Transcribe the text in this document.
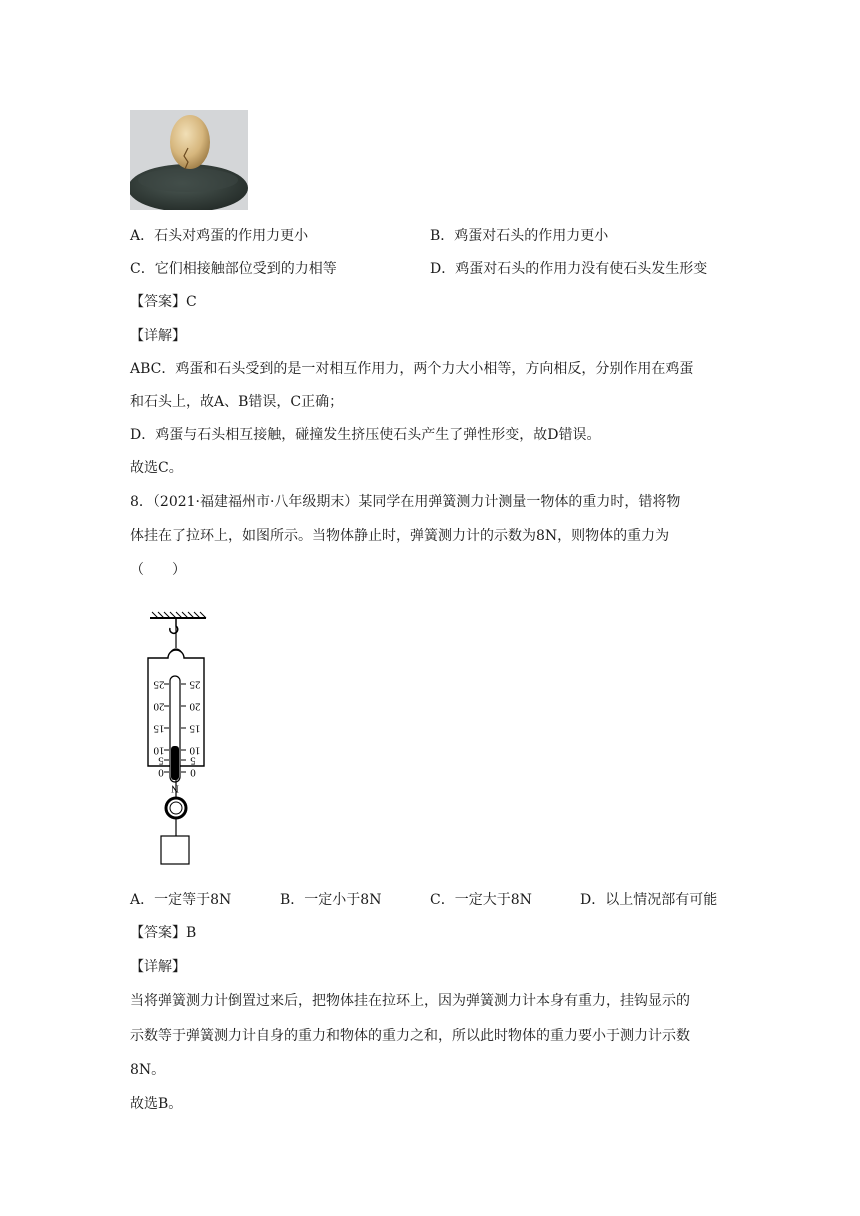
A．石头对鸡蛋的作用力更小	B．鸡蛋对石头的作用力更小
C．它们相接触部位受到的力相等	D．鸡蛋对石头的作用力没有使石头发生形变
【答案】C
【详解】
ABC．鸡蛋和石头受到的是一对相互作用力，两个力大小相等，方向相反，分别作用在鸡蛋
和石头上，故A、B错误，C正确；
D．鸡蛋与石头相互接触，碰撞发生挤压使石头产生了弹性形变，故D错误。
故选C。
8．（2021·福建福州市·八年级期末）某同学在用弹簧测力计测量一物体的重力时，错将物
体挂在了拉环上，如图所示。当物体静止时，弹簧测力计的示数为8N，则物体的重力为
（　　）
0
5
10
15
20
25
0
5
10
15
20
25
N
A．一定等于8N	B．一定小于8N	C．一定大于8N	D．以上情况部有可能
【答案】B
【详解】
当将弹簧测力计倒置过来后，把物体挂在拉环上，因为弹簧测力计本身有重力，挂钩显示的
示数等于弹簧测力计自身的重力和物体的重力之和，所以此时物体的重力要小于测力计示数
8N。
故选B。
